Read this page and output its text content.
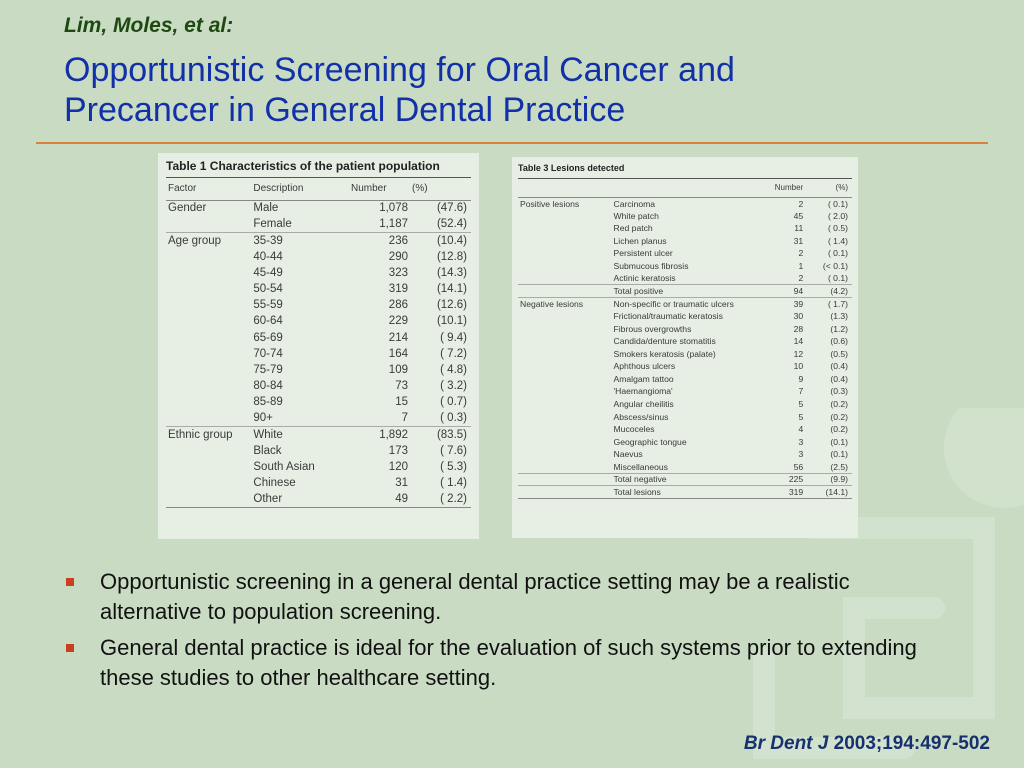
Lim, Moles, et al:
Opportunistic Screening for Oral Cancer and
Precancer in General Dental Practice
Table 1 Characteristics of the patient population
Factor	Description	Number	(%)
Gender	Male	1,078	(47.6)
	Female	1,187	(52.4)
Age group	35-39	236	(10.4)
	40-44	290	(12.8)
	45-49	323	(14.3)
	50-54	319	(14.1)
	55-59	286	(12.6)
	60-64	229	(10.1)
	65-69	214	( 9.4)
	70-74	164	( 7.2)
	75-79	109	( 4.8)
	80-84	73	( 3.2)
	85-89	15	( 0.7)
	90+	7	( 0.3)
Ethnic group	White	1,892	(83.5)
	Black	173	( 7.6)
	South Asian	120	( 5.3)
	Chinese	31	( 1.4)
	Other	49	( 2.2)
Table 3 Lesions detected
		Number	(%)
Positive lesions	Carcinoma	2	( 0.1)
	White patch	45	( 2.0)
	Red patch	11	( 0.5)
	Lichen planus	31	( 1.4)
	Persistent ulcer	2	( 0.1)
	Submucous fibrosis	1	(< 0.1)
	Actinic keratosis	2	( 0.1)
	Total positive	94	(4.2)
Negative lesions	Non-specific or traumatic ulcers	39	( 1.7)
	Frictional/traumatic keratosis	30	(1.3)
	Fibrous overgrowths	28	(1.2)
	Candida/denture stomatitis	14	(0.6)
	Smokers keratosis (palate)	12	(0.5)
	Aphthous ulcers	10	(0.4)
	Amalgam tattoo	9	(0.4)
	'Haemangioma'	7	(0.3)
	Angular cheilitis	5	(0.2)
	Abscess/sinus	5	(0.2)
	Mucoceles	4	(0.2)
	Geographic tongue	3	(0.1)
	Naevus	3	(0.1)
	Miscellaneous	56	(2.5)
	Total negative	225	(9.9)
	Total lesions	319	(14.1)
Opportunistic screening in a general dental practice setting may be a realistic alternative to population screening.
General dental practice is ideal for the evaluation of such systems prior to extending these studies to other healthcare setting.
Br Dent J 2003;194:497-502
